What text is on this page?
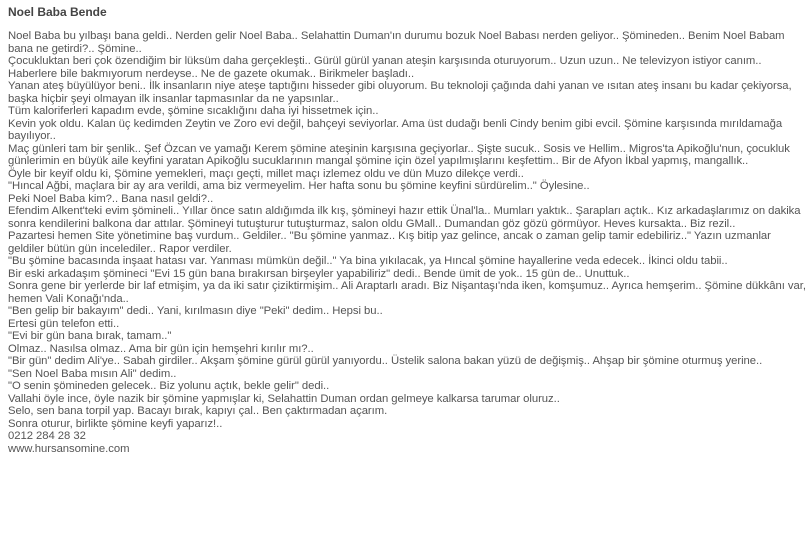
Noel Baba Bende
Noel Baba bu yılbaşı bana geldi.. Nerden gelir Noel Baba.. Selahattin Duman'ın durumu bozuk Noel Babası nerden geliyor.. Şömineden.. Benim Noel Babam bana ne getirdi?.. Şömine..
Çocukluktan beri çok özendiğim bir lüksüm daha gerçekleşti.. Gürül gürül yanan ateşin karşısında oturuyorum.. Uzun uzun.. Ne televizyon istiyor canım.. Haberlere bile bakmıyorum nerdeyse.. Ne de gazete okumak.. Birikmeler başladı..
Yanan ateş büyülüyor beni.. İlk insanların niye ateşe taptığını hisseder gibi oluyorum. Bu teknoloji çağında dahi yanan ve ısıtan ateş insanı bu kadar çekiyorsa, başka hiçbir şeyi olmayan ilk insanlar tapmasınlar da ne yapsınlar..
Tüm kaloriferleri kapadım evde, şömine sıcaklığını daha iyi hissetmek için..
Kevin yok oldu. Kalan üç kedimden Zeytin ve Zoro evi değil, bahçeyi seviyorlar. Ama üst dudağı benli Cindy benim gibi evcil. Şömine karşısında mırıldamağa bayılıyor..
Maç günleri tam bir şenlik.. Şef Özcan ve yamağı Kerem şömine ateşinin karşısına geçiyorlar.. Şişte sucuk.. Sosis ve Hellim.. Migros'ta Apikoğlu'nun, çocukluk günlerimin en büyük aile keyfini yaratan Apikoğlu sucuklarının mangal şömine için özel yapılmışlarını keşfettim.. Bir de Afyon İkbal yapmış, mangallık..
Öyle bir keyif oldu ki, Şömine yemekleri, maçı geçti, millet maçı izlemez oldu ve dün Muzo dilekçe verdi..
"Hıncal Ağbi, maçlara bir ay ara verildi, ama biz vermeyelim. Her hafta sonu bu şömine keyfini sürdürelim.." Öylesine..
Peki Noel Baba kim?.. Bana nasıl geldi?..
Efendim Alkent'teki evim şömineli.. Yıllar önce satın aldığımda ilk kış, şömineyi hazır ettik Ünal'la.. Mumları yaktık.. Şarapları açtık.. Kız arkadaşlarımız on dakika sonra kendilerini balkona dar attılar. Şömineyi tutuşturur tutuşturmaz, salon oldu GMall.. Dumandan göz gözü görmüyor. Heves kursakta.. Biz rezil..
Pazartesi hemen Site yönetimine baş vurdum.. Geldiler.. "Bu şömine yanmaz.. Kış bitip yaz gelince, ancak o zaman gelip tamir edebiliriz.." Yazın uzmanlar geldiler bütün gün incelediler.. Rapor verdiler.
"Bu şömine bacasında inşaat hatası var. Yanması mümkün değil.." Ya bina yıkılacak, ya Hıncal şömine hayallerine veda edecek.. İkinci oldu tabii..
Bir eski arkadaşım şömineci "Evi 15 gün bana bırakırsan birşeyler yapabiliriz" dedi.. Bende ümit de yok.. 15 gün de.. Unuttuk..
Sonra gene bir yerlerde bir laf etmişim, ya da iki satır çiziktirmişim.. Ali Araptarlı aradı. Biz Nişantaşı'nda iken, komşumuz.. Ayrıca hemşerim.. Şömine dükkânı var, hemen Vali Konağı'nda..
"Ben gelip bir bakayım" dedi.. Yani, kırılmasın diye "Peki" dedim.. Hepsi bu..
Ertesi gün telefon etti..
"Evi bir gün bana bırak, tamam.."
Olmaz.. Nasılsa olmaz.. Ama bir gün için hemşehri kırılır mı?..
"Bir gün" dedim Ali'ye.. Sabah girdiler.. Akşam şömine gürül gürül yanıyordu.. Üstelik salona bakan yüzü de değişmiş.. Ahşap bir şömine oturmuş yerine..
"Sen Noel Baba mısın Ali" dedim..
"O senin şömineden gelecek.. Biz yolunu açtık, bekle gelir" dedi..
Vallahi öyle ince, öyle nazik bir şömine yapmışlar ki, Selahattin Duman ordan gelmeye kalkarsa tarumar oluruz..
Selo, sen bana torpil yap. Bacayı bırak, kapıyı çal.. Ben çaktırmadan açarım.
Sonra oturur, birlikte şömine keyfi yaparız!..
0212 284 28 32
www.hursansomine.com
